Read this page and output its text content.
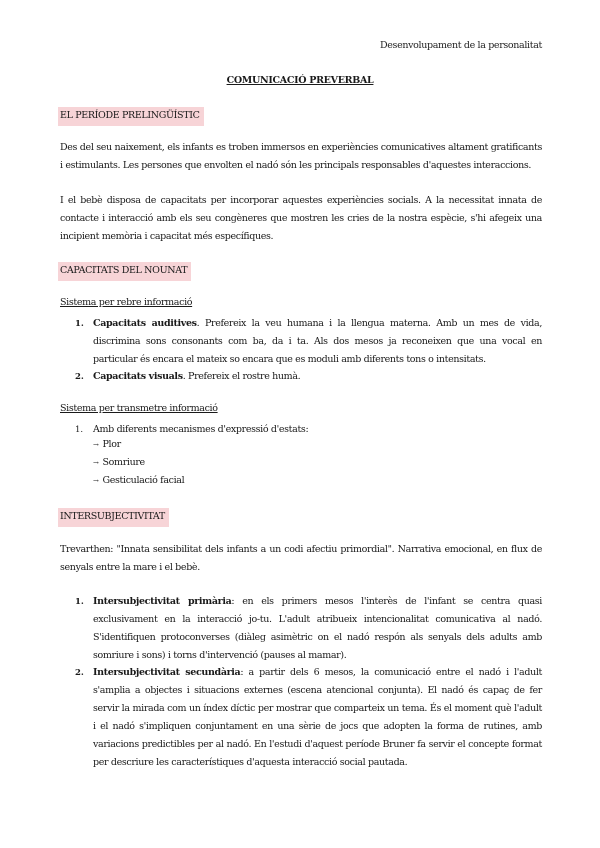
Desenvolupament de la personalitat
COMUNICACIÓ PREVERBAL
EL PERÍODE PRELINGÜÍSTIC

Des del seu naixement, els infants es troben immersos en experiències comunicatives altament gratificants i estimulants. Les persones que envolten el nadó són les principals responsables d'aquestes interaccions.

I el bebè disposa de capacitats per incorporar aquestes experiències socials. A la necessitat innata de contacte i interacció amb els seu congèneres que mostren les cries de la nostra espècie, s'hi afegeix una incipient memòria i capacitat més específiques.

CAPACITATS DEL NOUNAT
Sistema per rebre informació
1. Capacitats auditives. Prefereix la veu humana i la llengua materna. Amb un mes de vida, discrimina sons consonants com ba, da i ta. Als dos mesos ja reconeixen que una vocal en particular és encara el mateix so encara que es moduli amb diferents tons o intensitats.

2. Capacitats visuals. Prefereix el rostre humà.

Sistema per transmetre informació
1.	Amb diferents mecanismes d'expressió d'estats:

→ Plor
→ Somriure
→ Gesticulació facial
INTERSUBJECTIVITAT

Trevarthen: "Innata sensibilitat dels infants a un codi afectiu primordial". Narrativa emocional, en flux de senyals entre la mare i el bebè.

1. Intersubjectivitat primària: en els primers mesos l'interès de l'infant se centra quasi exclusivament en la interacció jo-tu. L'adult atribueix intencionalitat comunicativa al nadó. S'identifiquen protoconverses (diàleg asimètric on el nadó respón als senyals dels adults amb somriure i sons) i torns d'intervenció (pauses al mamar).

2. Intersubjectivitat secundària: a partir dels 6 mesos, la comunicació entre el nadó i l'adult s'amplia a objectes i situacions externes (escena atencional conjunta). El nadó és capaç de fer servir la mirada com un índex díctic per mostrar que comparteix un tema. És el moment què l'adult i el nadó s'impliquen conjuntament en una sèrie de jocs que adopten la forma de rutines, amb variacions predictibles per al nadó. En l'estudi d'aquest període Bruner fa servir el concepte format per descriure les característiques d'aquesta interacció social pautada.
